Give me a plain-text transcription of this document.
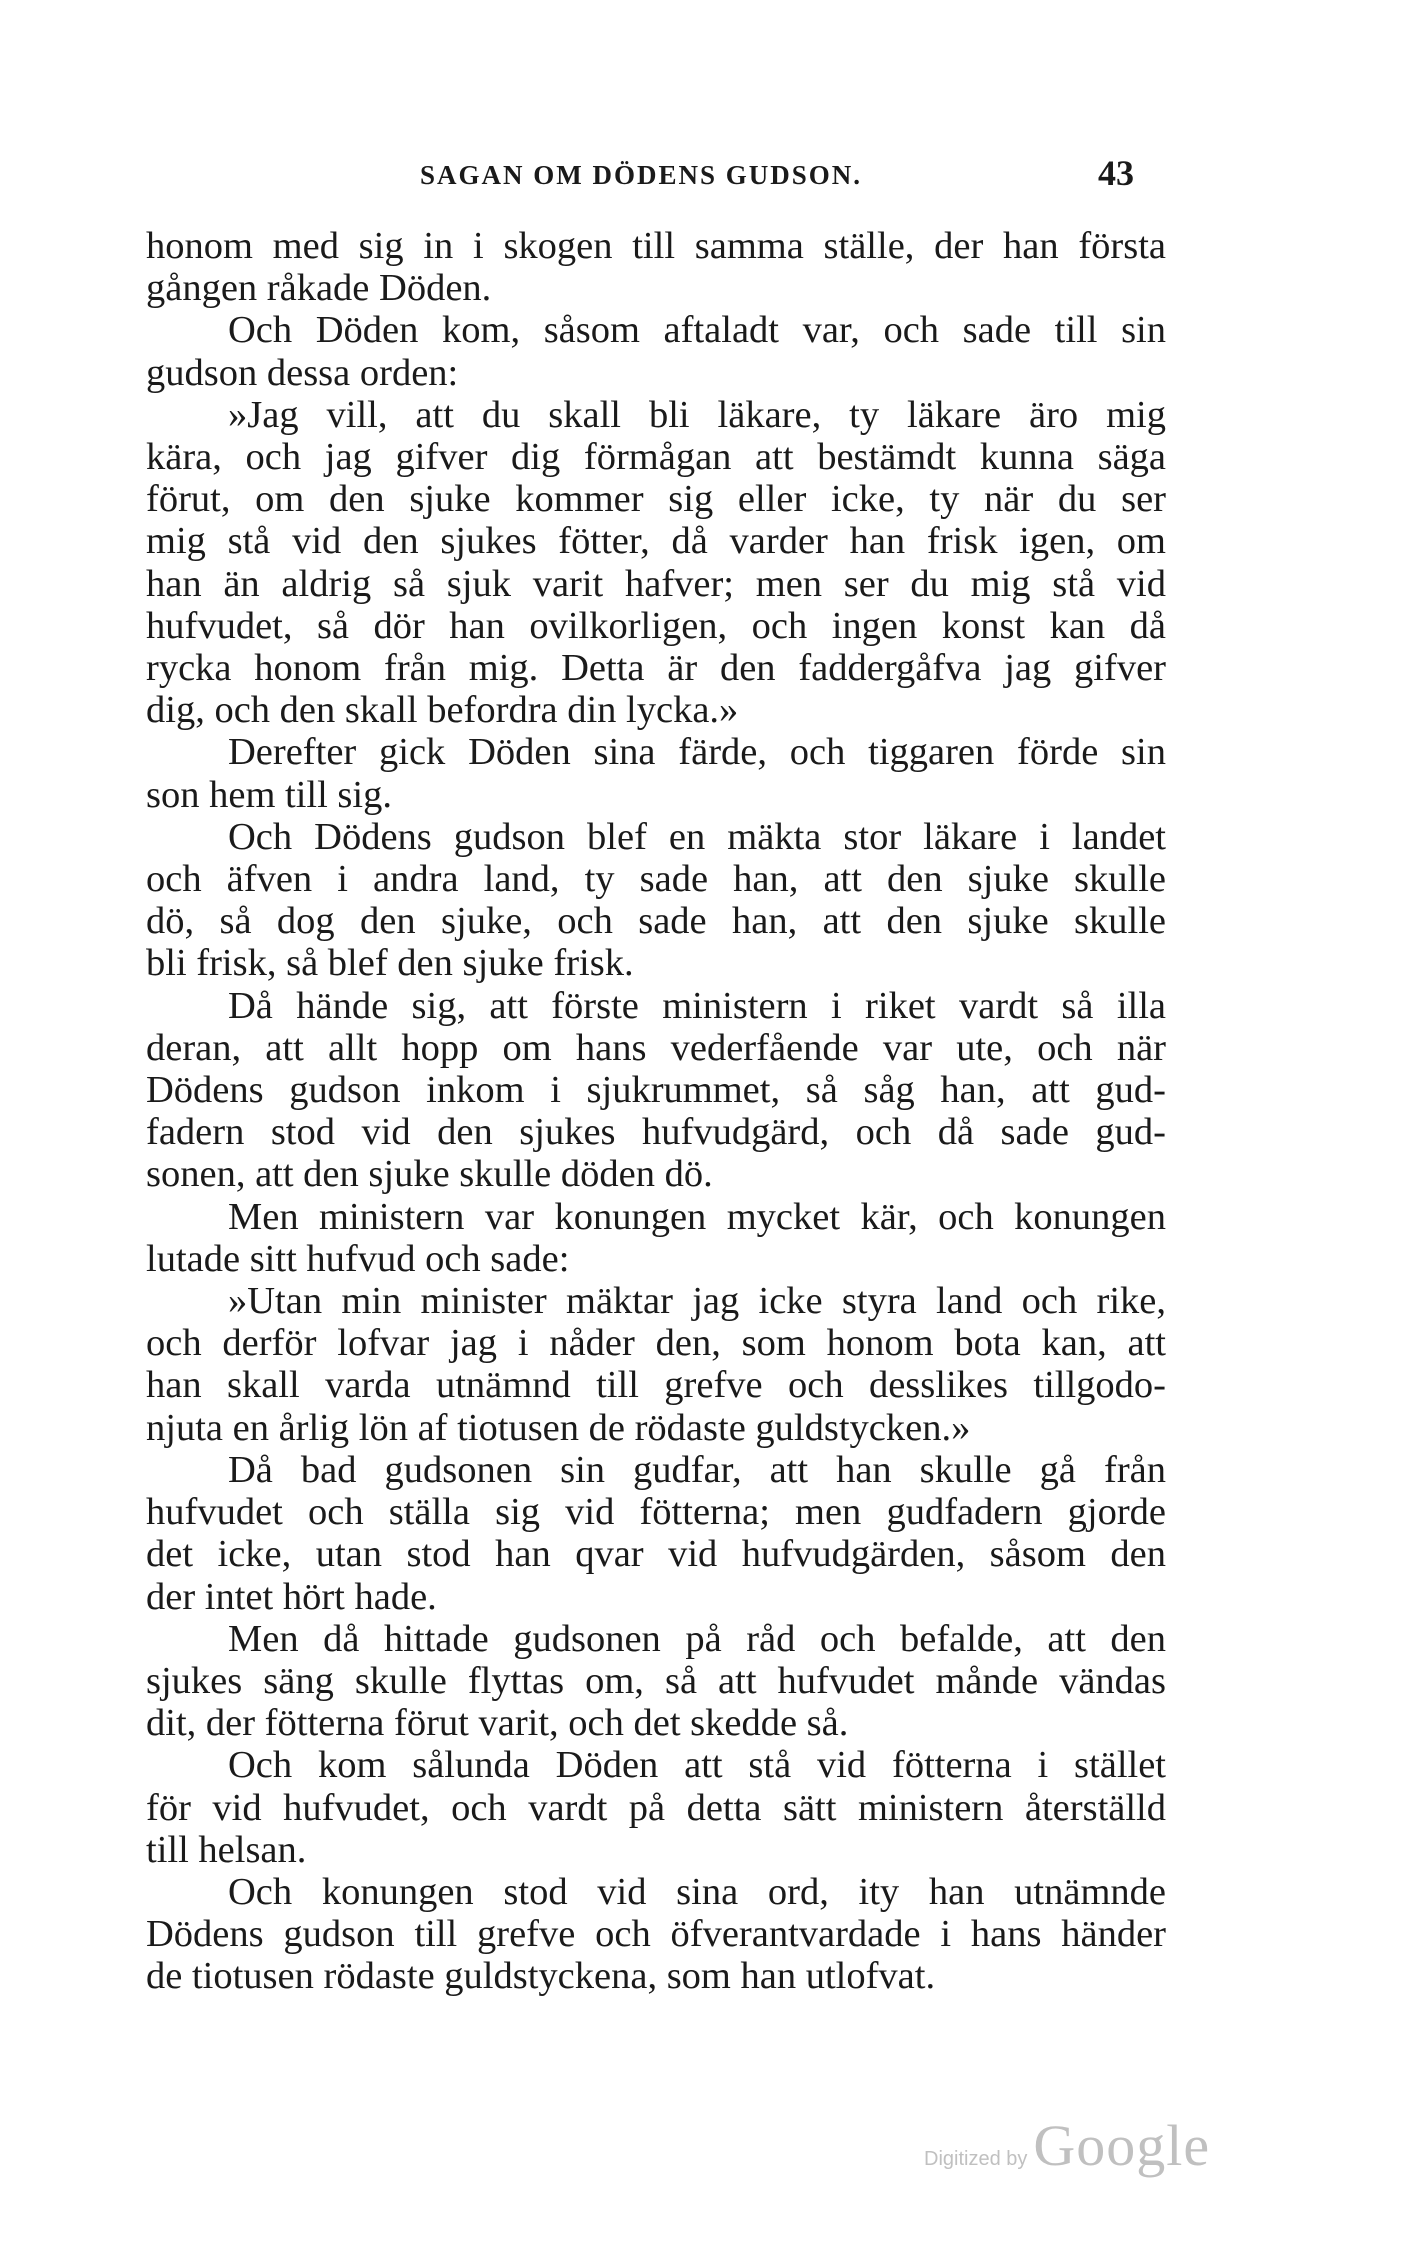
SAGAN OM DÖDENS GUDSON.	43
honom med sig in i skogen till samma ställe, der han första
gången råkade Döden.
Och Döden kom, såsom aftaladt var, och sade till sin
gudson dessa orden:
»Jag vill, att du skall bli läkare, ty läkare äro mig
kära, och jag gifver dig förmågan att bestämdt kunna säga
förut, om den sjuke kommer sig eller icke, ty när du ser
mig stå vid den sjukes fötter, då varder han frisk igen, om
han än aldrig så sjuk varit hafver; men ser du mig stå vid
hufvudet, så dör han ovilkorligen, och ingen konst kan då
rycka honom från mig. Detta är den faddergåfva jag gifver
dig, och den skall befordra din lycka.»
Derefter gick Döden sina färde, och tiggaren förde sin
son hem till sig.
Och Dödens gudson blef en mäkta stor läkare i landet
och äfven i andra land, ty sade han, att den sjuke skulle
dö, så dog den sjuke, och sade han, att den sjuke skulle
bli frisk, så blef den sjuke frisk.
Då hände sig, att förste ministern i riket vardt så illa
deran, att allt hopp om hans vederfående var ute, och när
Dödens gudson inkom i sjukrummet, så såg han, att gud-
fadern stod vid den sjukes hufvudgärd, och då sade gud-
sonen, att den sjuke skulle döden dö.
Men ministern var konungen mycket kär, och konungen
lutade sitt hufvud och sade:
»Utan min minister mäktar jag icke styra land och rike,
och derför lofvar jag i nåder den, som honom bota kan, att
han skall varda utnämnd till grefve och desslikes tillgodo-
njuta en årlig lön af tiotusen de rödaste guldstycken.»
Då bad gudsonen sin gudfar, att han skulle gå från
hufvudet och ställa sig vid fötterna; men gudfadern gjorde
det icke, utan stod han qvar vid hufvudgärden, såsom den
der intet hört hade.
Men då hittade gudsonen på råd och befalde, att den
sjukes säng skulle flyttas om, så att hufvudet månde vändas
dit, der fötterna förut varit, och det skedde så.
Och kom sålunda Döden att stå vid fötterna i stället
för vid hufvudet, och vardt på detta sätt ministern återställd
till helsan.
Och konungen stod vid sina ord, ity han utnämnde
Dödens gudson till grefve och öfverantvardade i hans händer
de tiotusen rödaste guldstyckena, som han utlofvat.
Digitized by Google
